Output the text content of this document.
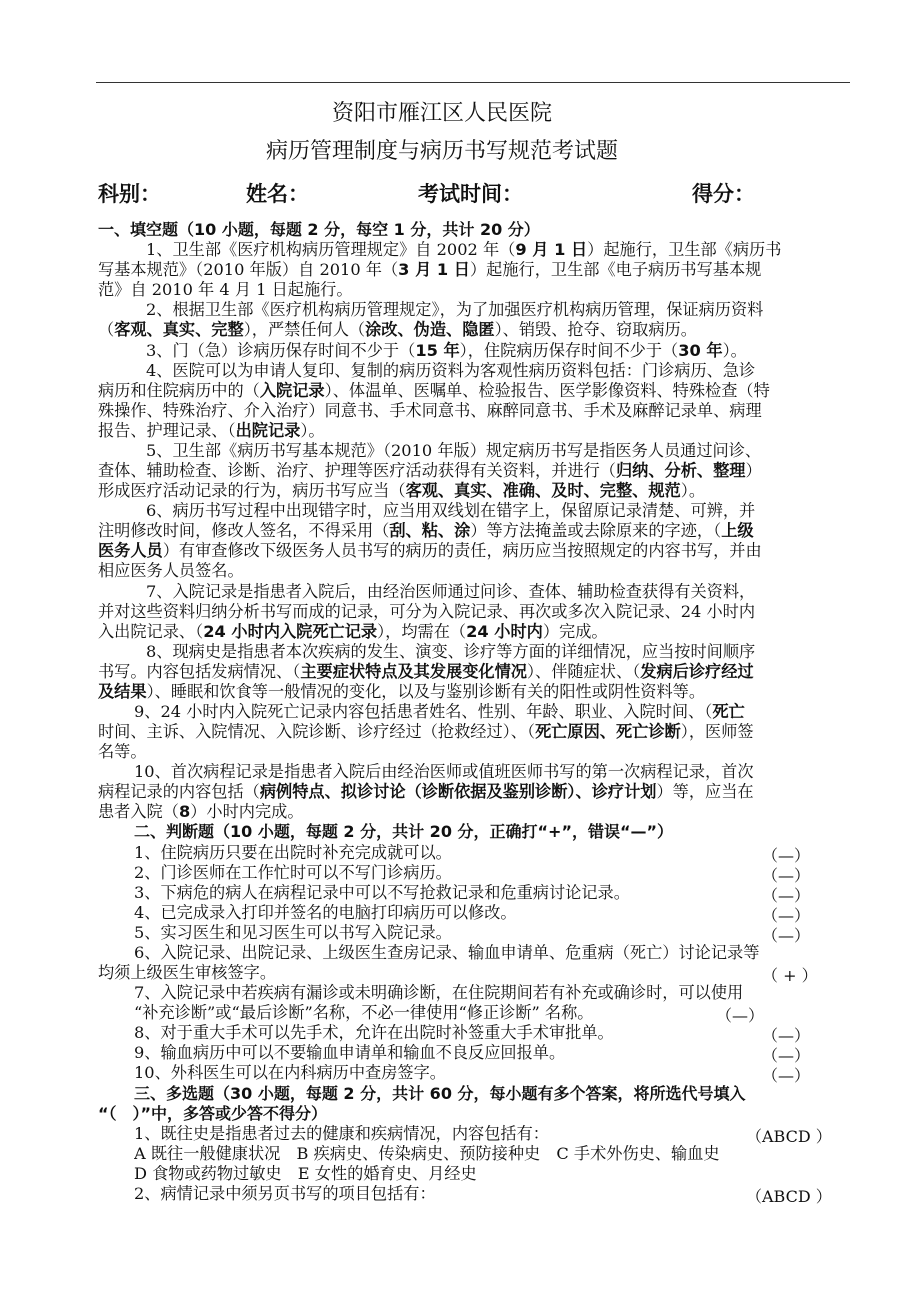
资阳市雁江区人民医院
病历管理制度与病历书写规范考试题
科别：	姓名：	考试时间：	得分：
一、填空题（10 小题，每题 2 分，每空 1 分，共计 20 分）
1、卫生部《医疗机构病历管理规定》自 2002 年（9 月 1 日）起施行，卫生部《病历书
写基本规范》（2010 年版）自 2010 年（3 月 1 日）起施行，卫生部《电子病历书写基本规
范》自 2010 年 4 月 1 日起施行。
2、根据卫生部《医疗机构病历管理规定》，为了加强医疗机构病历管理，保证病历资料
（客观、真实、完整），严禁任何人（涂改、伪造、隐匿）、销毁、抢夺、窃取病历。
3、门（急）诊病历保存时间不少于（15 年），住院病历保存时间不少于（30 年）。
4、医院可以为申请人复印、复制的病历资料为客观性病历资料包括：门诊病历、急诊
病历和住院病历中的（入院记录）、体温单、医嘱单、检验报告、医学影像资料、特殊检查（特
殊操作、特殊治疗、介入治疗）同意书、手术同意书、麻醉同意书、手术及麻醉记录单、病理
报告、护理记录、（出院记录）。
5、卫生部《病历书写基本规范》（2010 年版）规定病历书写是指医务人员通过问诊、
查体、辅助检查、诊断、治疗、护理等医疗活动获得有关资料，并进行（归纳、分析、整理）
形成医疗活动记录的行为，病历书写应当（客观、真实、准确、及时、完整、规范）。
6、病历书写过程中出现错字时，应当用双线划在错字上，保留原记录清楚、可辨，并
注明修改时间，修改人签名，不得采用（刮、粘、涂）等方法掩盖或去除原来的字迹，（上级
医务人员）有审查修改下级医务人员书写的病历的责任，病历应当按照规定的内容书写，并由
相应医务人员签名。
7、入院记录是指患者入院后，由经治医师通过问诊、查体、辅助检查获得有关资料，
并对这些资料归纳分析书写而成的记录，可分为入院记录、再次或多次入院记录、24 小时内
入出院记录、（24 小时内入院死亡记录），均需在（24 小时内）完成。
8、现病史是指患者本次疾病的发生、演变、诊疗等方面的详细情况，应当按时间顺序
书写。内容包括发病情况、（主要症状特点及其发展变化情况）、伴随症状、（发病后诊疗经过
及结果）、睡眠和饮食等一般情况的变化，以及与鉴别诊断有关的阳性或阴性资料等。
9、24 小时内入院死亡记录内容包括患者姓名、性别、年龄、职业、入院时间、（死亡
时间、主诉、入院情况、入院诊断、诊疗经过（抢救经过）、（死亡原因、死亡诊断），医师签
名等。
10、首次病程记录是指患者入院后由经治医师或值班医师书写的第一次病程记录，首次
病程记录的内容包括（病例特点、拟诊讨论（诊断依据及鉴别诊断）、诊疗计划）等，应当在
患者入院（8）小时内完成。
二、判断题（10 小题，每题 2 分，共计 20 分，正确打“+”，错误“—”）
1、住院病历只要在出院时补充完成就可以。	（—）
2、门诊医师在工作忙时可以不写门诊病历。	（—）
3、下病危的病人在病程记录中可以不写抢救记录和危重病讨论记录。	（—）
4、已完成录入打印并签名的电脑打印病历可以修改。	（—）
5、实习医生和见习医生可以书写入院记录。	（—）
6、入院记录、出院记录、上级医生查房记录、输血申请单、危重病（死亡）讨论记录等
均须上级医生审核签字。	（ + ）
7、入院记录中若疾病有漏诊或未明确诊断，在住院期间若有补充或确诊时，可以使用
“补充诊断”或“最后诊断”名称，不必一律使用“修正诊断” 名称。	（—）
8、对于重大手术可以先手术，允许在出院时补签重大手术审批单。	（—）
9、输血病历中可以不要输血申请单和输血不良反应回报单。	（—）
10、外科医生可以在内科病历中查房签字。	（—）
三、多选题（30 小题，每题 2 分，共计 60 分，每小题有多个答案，将所选代号填入
“（　）”中，多答或少答不得分）
1、既往史是指患者过去的健康和疾病情况，内容包括有：	（ABCD ）
A 既往一般健康状况　B 疾病史、传染病史、预防接种史　C 手术外伤史、输血史
D 食物或药物过敏史　E 女性的婚育史、月经史
2、病情记录中须另页书写的项目包括有：	（ABCD ）
